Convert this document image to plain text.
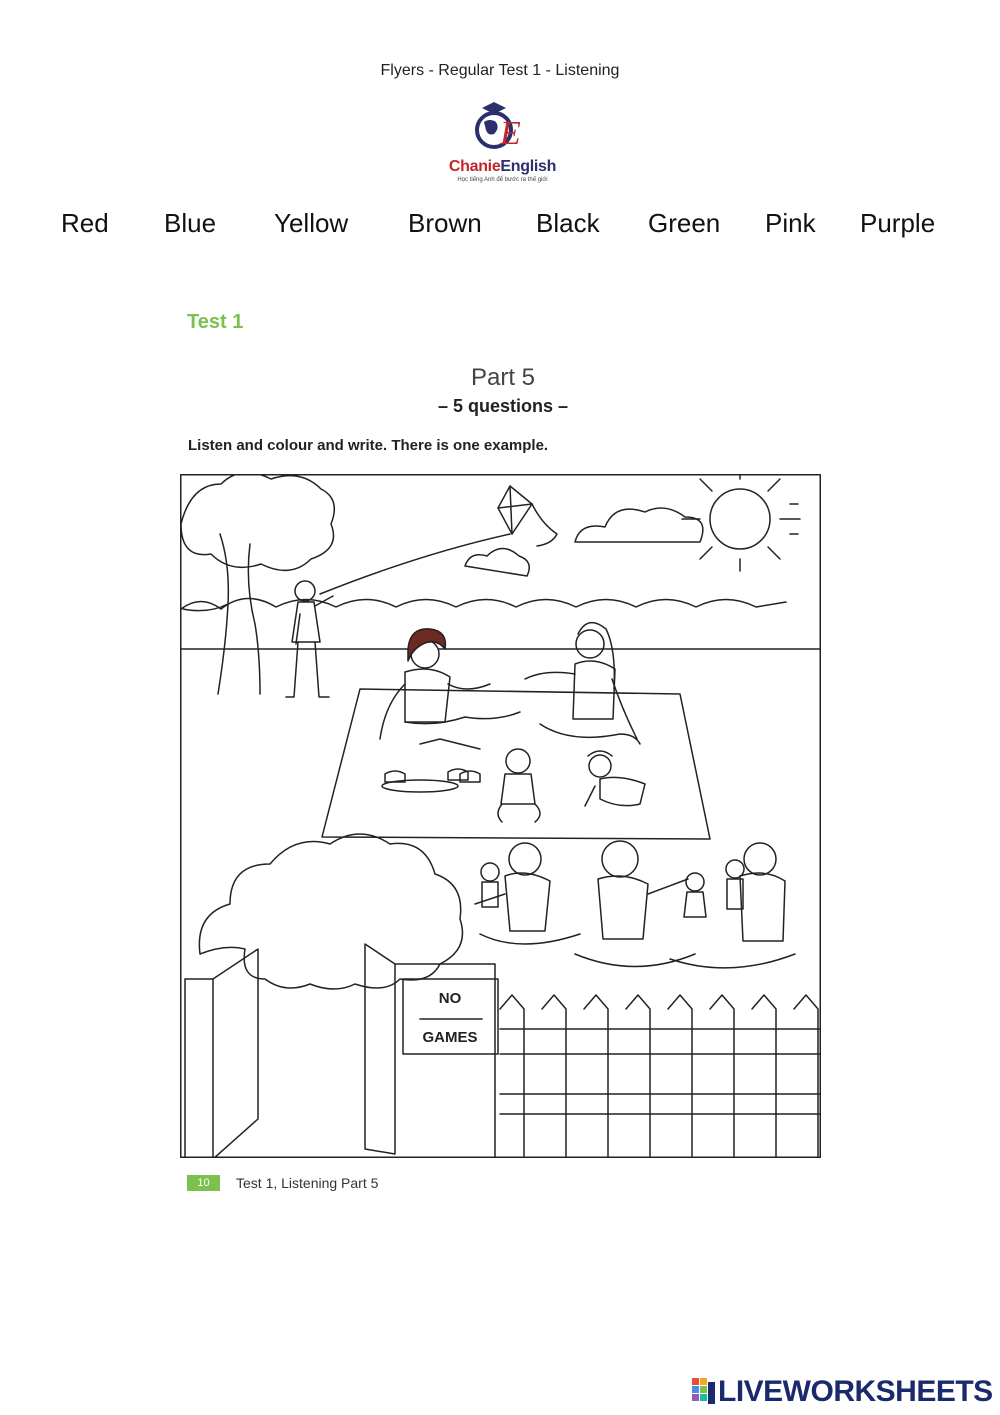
Flyers - Regular Test 1 - Listening
E
ChanieEnglish
Học tiếng Anh để bước ra thế giới
Red Blue Yellow Brown Black Green Pink Purple
Test 1
Part 5
– 5 questions –
Listen and colour and write. There is one example.
NO
GAMES
10	Test 1, Listening Part 5
LIVEWORKSHEETS
